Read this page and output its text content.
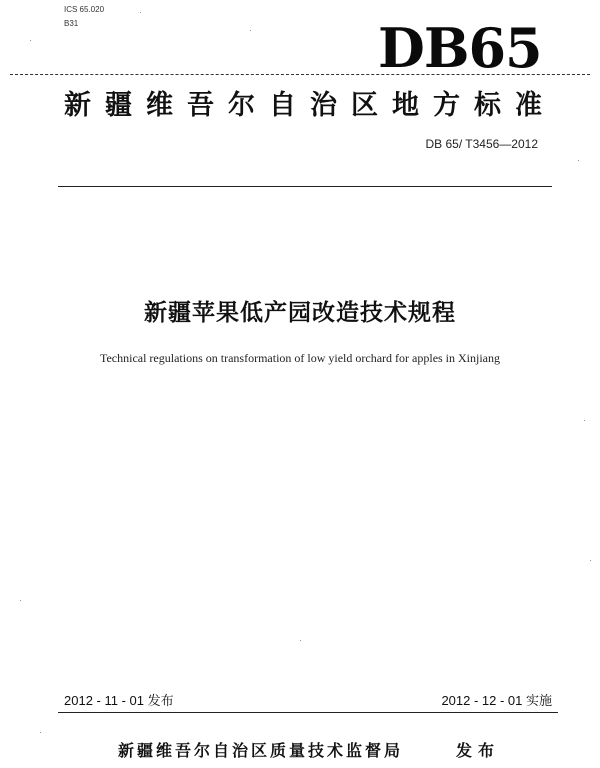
ICS 65.020
B31	DB65
新疆维吾尔自治区地方标准
DB 65/ T3456—2012
新疆苹果低产园改造技术规程
Technical regulations on transformation of low yield orchard for apples in Xinjiang
2012 - 11 - 01 发布	2012 - 12 - 01 实施
新疆维吾尔自治区质量技术监督局	发布
